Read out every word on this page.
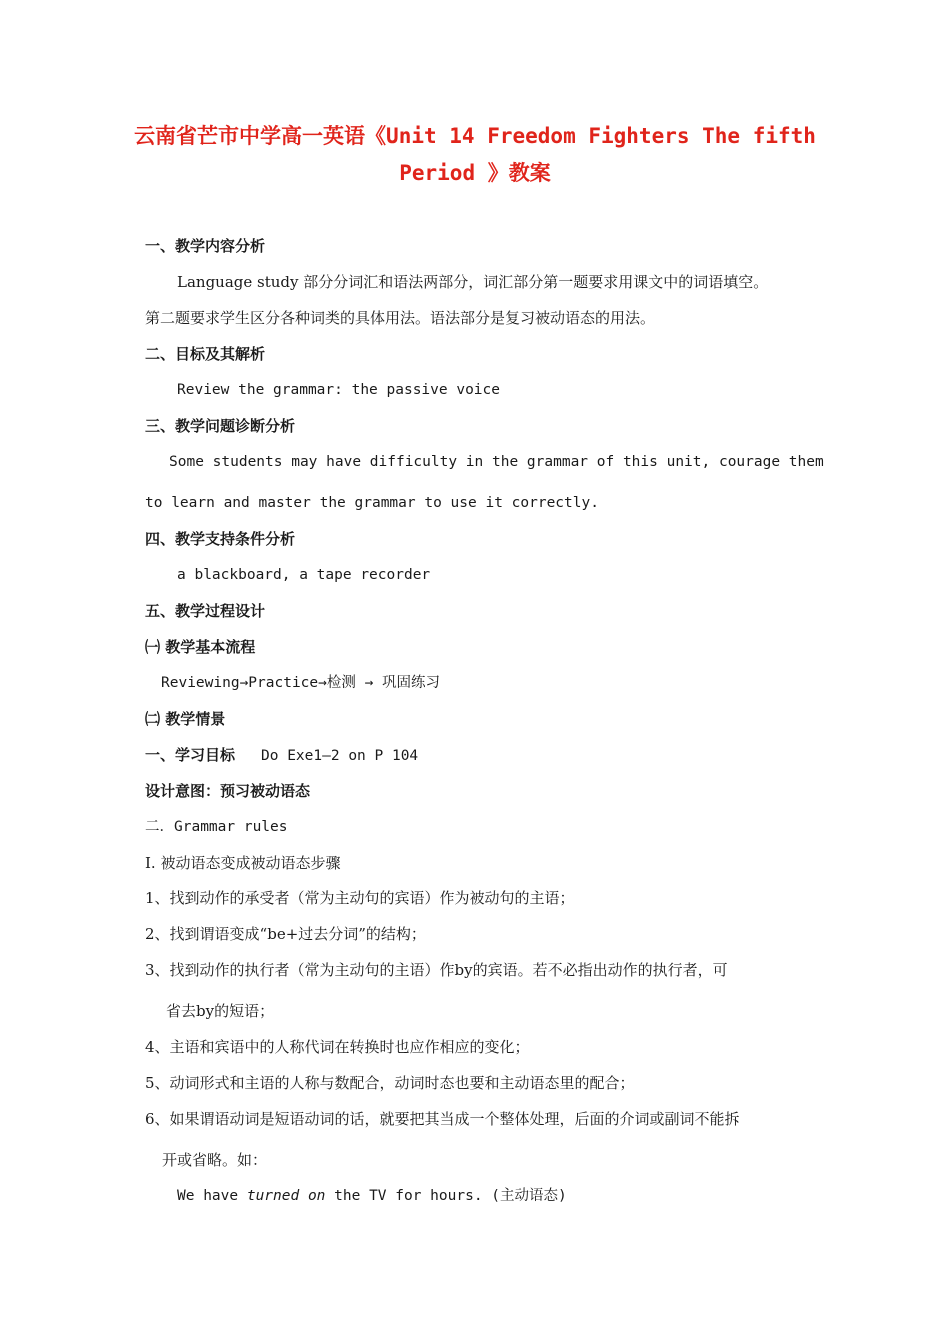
云南省芒市中学高一英语《Unit 14 Freedom Fighters The fifth
Period 》教案
一、教学内容分析
Language study 部分分词汇和语法两部分，词汇部分第一题要求用课文中的词语填空。
第二题要求学生区分各种词类的具体用法。语法部分是复习被动语态的用法。
二、目标及其解析
Review the grammar: the passive voice
三、教学问题诊断分析
Some students may have difficulty in the grammar of this unit, courage them
to learn and master the grammar to use it correctly.
四、教学支持条件分析
a blackboard, a tape recorder
五、教学过程设计
㈠ 教学基本流程
Reviewing→Practice→检测 → 巩固练习
㈡ 教学情景
一、学习目标 Do Exe1—2 on P 104
设计意图：预习被动语态
二．Grammar rules
I. 被动语态变成被动语态步骤
1、找到动作的承受者（常为主动句的宾语）作为被动句的主语；
2、找到谓语变成“be+过去分词”的结构；
3、找到动作的执行者（常为主动句的主语）作by的宾语。若不必指出动作的执行者，可
省去by的短语；
4、主语和宾语中的人称代词在转换时也应作相应的变化；
5、动词形式和主语的人称与数配合，动词时态也要和主动语态里的配合；
6、如果谓语动词是短语动词的话，就要把其当成一个整体处理，后面的介词或副词不能拆
开或省略。如：
We have turned on the TV for hours. (主动语态)
